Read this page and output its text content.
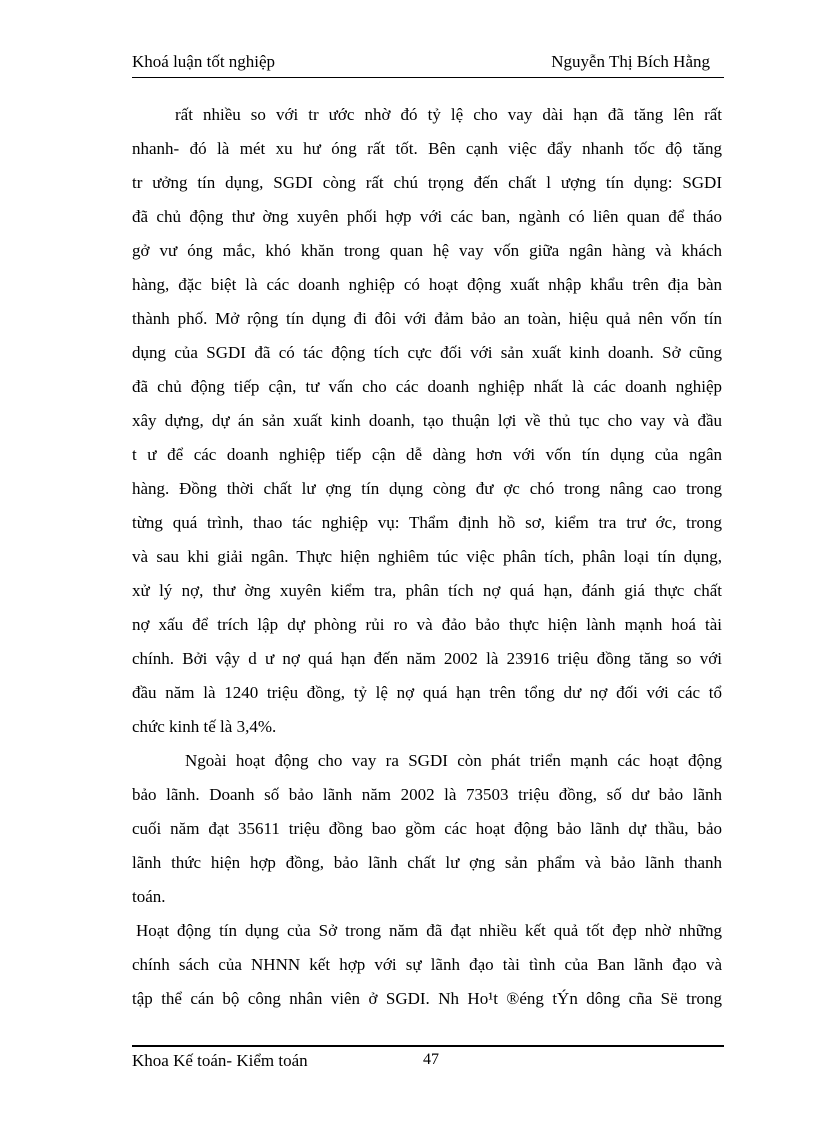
Khoá luận tốt nghiệp	Nguyễn Thị Bích Hằng
rất nhiều so với tr ước nhờ đó tỷ lệ cho vay dài hạn đã tăng lên rất
nhanh- đó là mét xu hư óng rất tốt. Bên cạnh việc đẩy nhanh tốc độ tăng
tr ưởng tín dụng, SGDI còng rất chú trọng đến chất l ượng tín dụng: SGDI
đã chủ động thư ờng xuyên phối hợp với các ban, ngành có liên quan để tháo
gở vư óng mắc, khó khăn trong quan hệ vay vốn giữa ngân hàng và khách
hàng, đặc biệt là các doanh nghiệp có hoạt động xuất nhập khẩu trên địa bàn
thành phố. Mở rộng tín dụng đi đôi với đảm bảo an toàn, hiệu quả nên vốn tín
dụng của SGDI đã có tác động tích cực đối với sản xuất kinh doanh. Sở cũng
đã chủ động tiếp cận, tư vấn cho các doanh nghiệp nhất là các doanh nghiệp
xây dựng, dự án sản xuất kinh doanh, tạo thuận lợi về thủ tục cho vay và đầu
t ư để các doanh nghiệp tiếp cận dễ dàng hơn với vốn tín dụng của ngân
hàng. Đồng thời chất lư ợng tín dụng còng đư ợc chó trong nâng cao trong
từng quá trình, thao tác nghiệp vụ: Thẩm định hồ sơ, kiểm tra trư ớc, trong
và sau khi giải ngân. Thực hiện nghiêm túc việc phân tích, phân loại tín dụng,
xử lý nợ, thư ờng xuyên kiểm tra, phân tích nợ quá hạn, đánh giá thực chất
nợ xấu để trích lập dự phòng rủi ro và đảo bảo thực hiện lành mạnh hoá tài
chính. Bởi vậy d ư nợ quá hạn đến năm 2002 là 23916 triệu đồng tăng so với
đầu năm là 1240 triệu đồng, tỷ lệ nợ quá hạn trên tổng dư nợ đối với các tổ
chức kinh tế là 3,4%.
Ngoài hoạt động cho vay ra SGDI còn phát triển mạnh các hoạt động
bảo lãnh. Doanh số bảo lãnh năm 2002 là 73503 triệu đồng, số dư bảo lãnh
cuối năm đạt 35611 triệu đồng bao gồm các hoạt động bảo lãnh dự thầu, bảo
lãnh thức hiện hợp đồng, bảo lãnh chất lư ợng sản phẩm và bảo lãnh thanh
toán.
Hoạt động tín dụng của Sở trong năm đã đạt nhiều kết quả tốt đẹp nhờ những
chính sách của NHNN kết hợp với sự lãnh đạo tài tình của Ban lãnh đạo và
tập thể cán bộ công nhân viên ở SGDI. Nh Ho¹t ®éng tÝn dông cña Së trong
Khoa Kế toán- Kiểm toán	47
